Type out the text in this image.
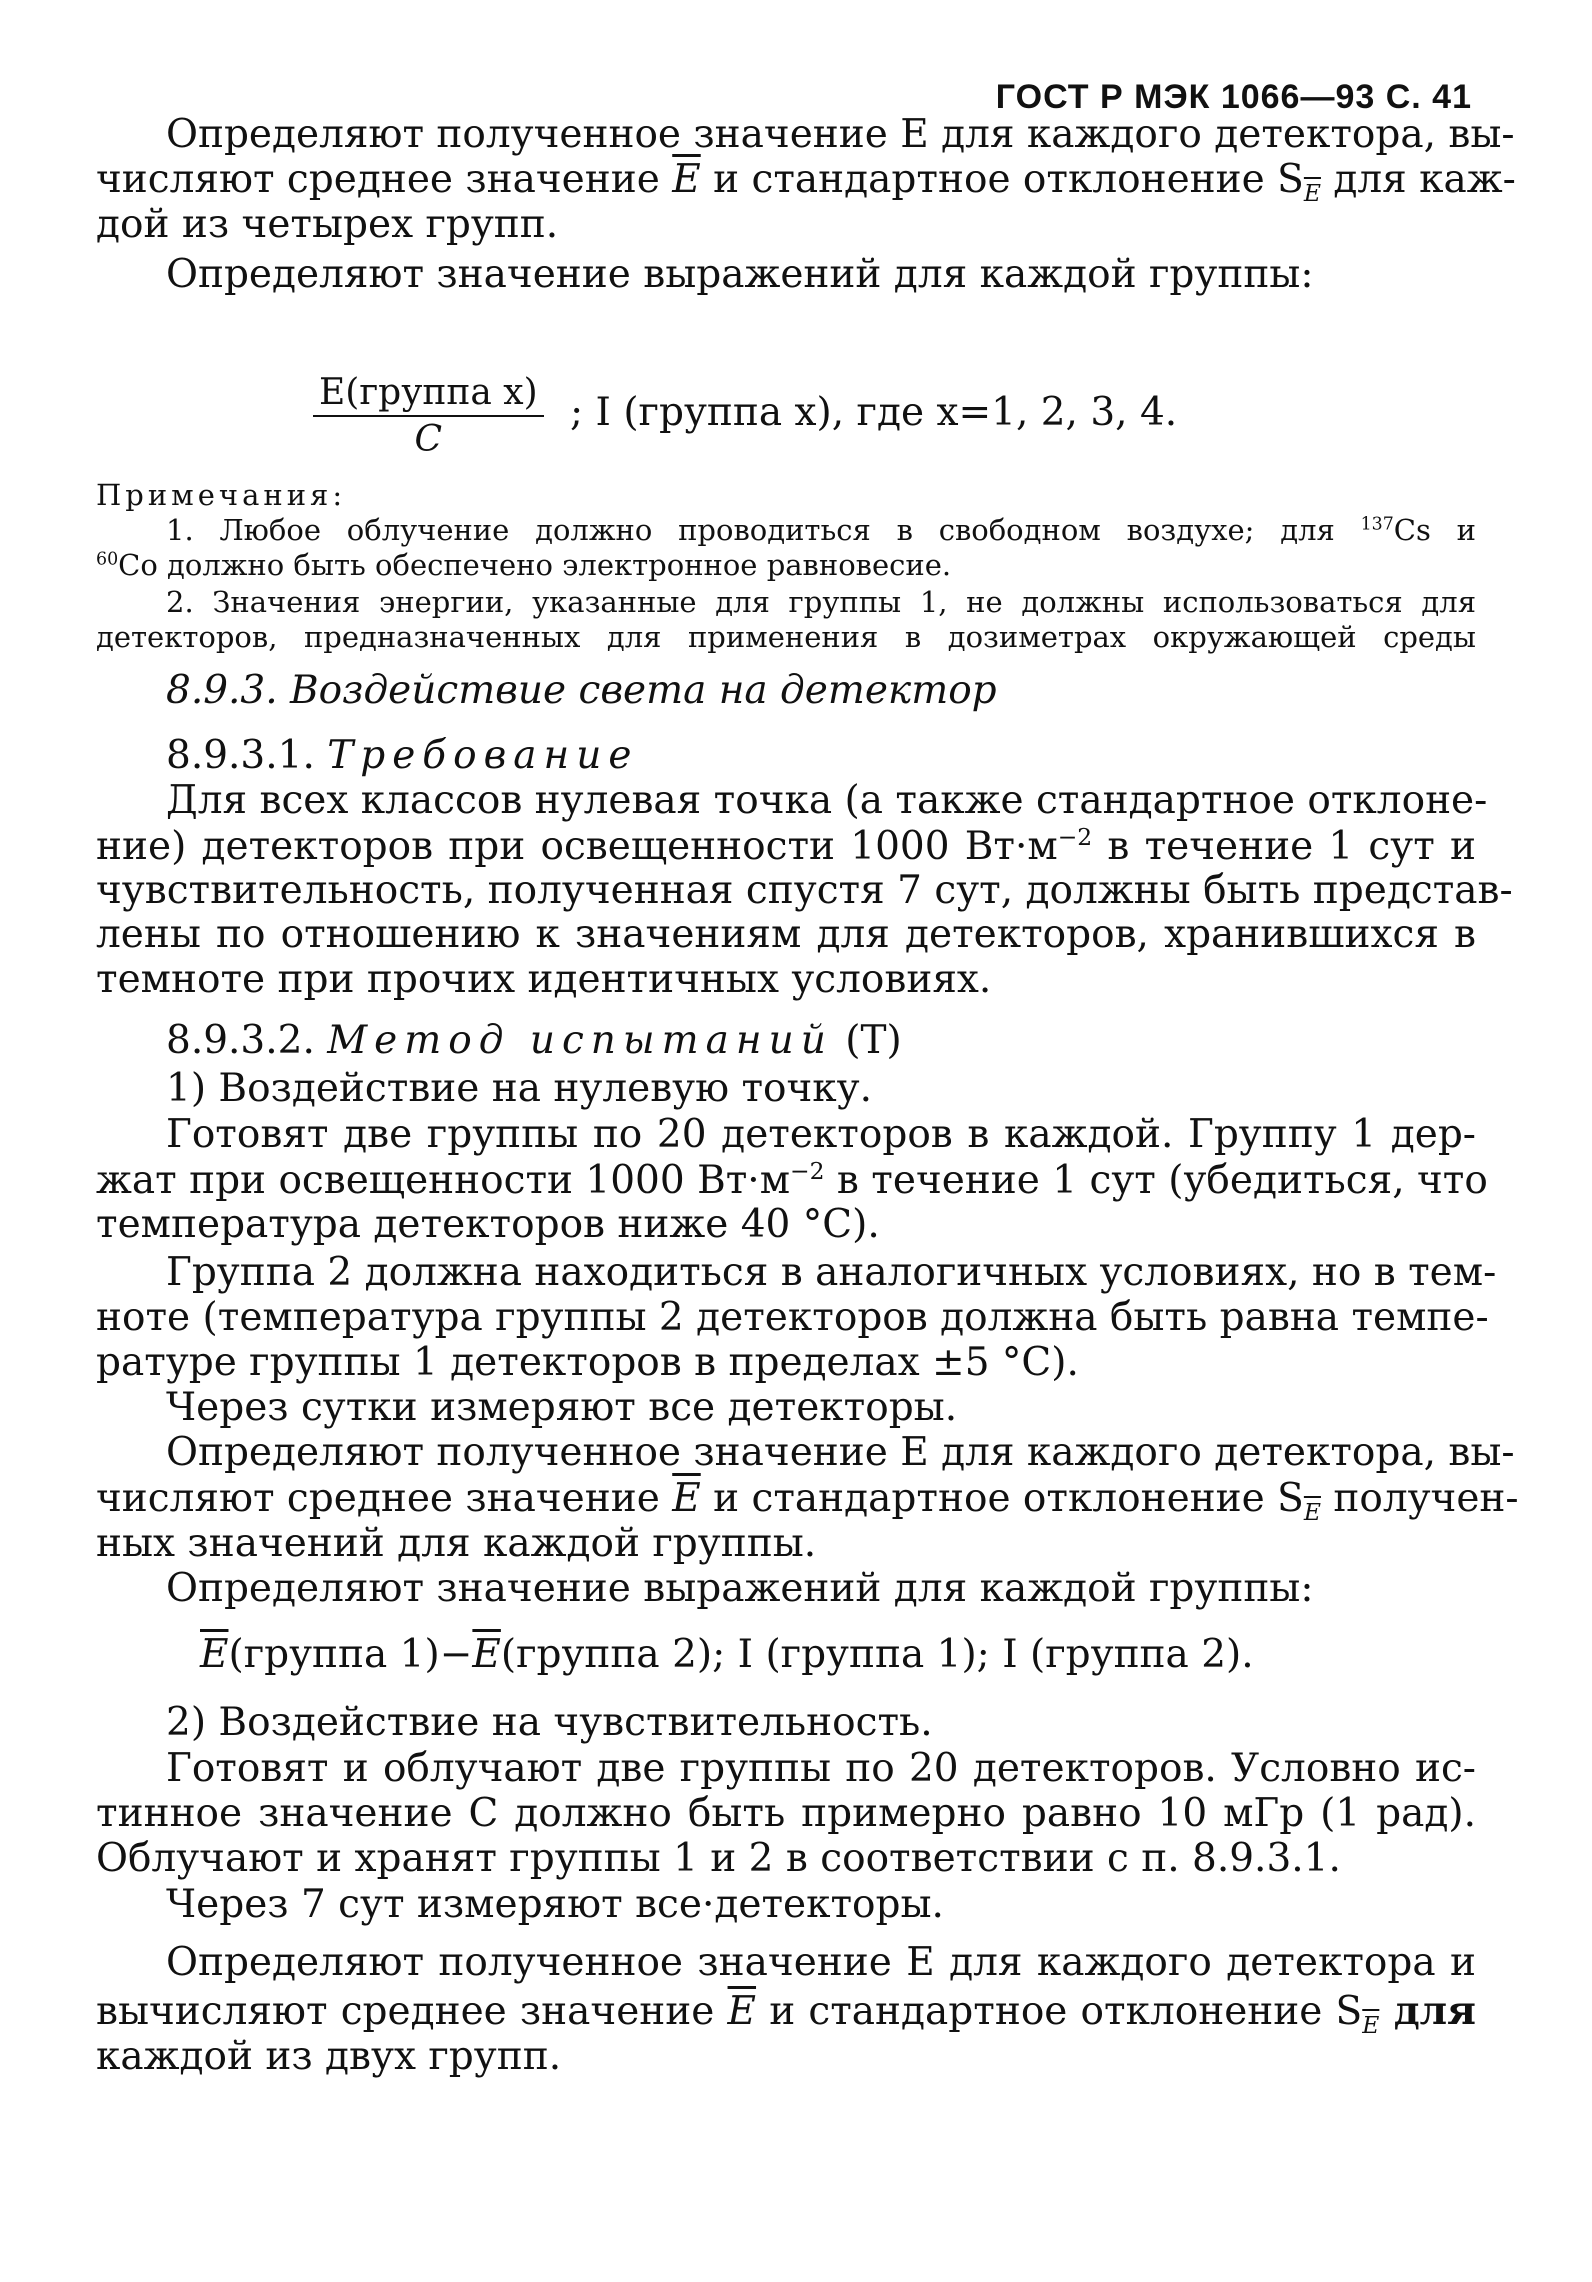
ГОСТ Р МЭК 1066—93 С. 41
Определяют полученное значение E для каждого детектора, вы-
числяют среднее значение $\overline{E}$ и стандартное отклонение $S_{\overline{E}}$ для каж-
дой из четырех групп.
Определяют значение выражений для каждой группы:
E(группа x)
C
; I (группа x), где x=1, 2, 3, 4.
Примечания:
1. Любое облучение должно проводиться в свободном воздухе; для $^{137}$Cs и
$^{60}$Co должно быть обеспечено электронное равновесие.
2. Значения энергии, указанные для группы 1, не должны использоваться для
детекторов, предназначенных для применения в дозиметрах окружающей среды
8.9.3. Воздействие света на детектор
8.9.3.1. Требование
Для всех классов нулевая точка (а также стандартное отклоне-
ние) детекторов при освещенности 1000 $Вт\cdot м^{-2}$ в течение 1 сут и
чувствительность, полученная спустя 7 сут, должны быть представ-
лены по отношению к значениям для детекторов, хранившихся в
темноте при прочих идентичных условиях.
8.9.3.2. Метод испытаний (Т)
1) Воздействие на нулевую точку.
Готовят две группы по 20 детекторов в каждой. Группу 1 дер-
жат при освещенности 1000 $Вт\cdot м^{-2}$ в течение 1 сут (убедиться, что
температура детекторов ниже 40 °С).
Группа 2 должна находиться в аналогичных условиях, но в тем-
ноте (температура группы 2 детекторов должна быть равна темпе-
ратуре группы 1 детекторов в пределах ±5 °С).
Через сутки измеряют все детекторы.
Определяют полученное значение E для каждого детектора, вы-
числяют среднее значение $\overline{E}$ и стандартное отклонение $S_{\overline{E}}$ получен-
ных значений для каждой группы.
Определяют значение выражений для каждой группы:
$\overline{E}(группа$ $1)-\overline{E}(группа$ 2); I (группа 1); I (группа 2).
2) Воздействие на чувствительность.
Готовят и облучают две группы по 20 детекторов. Условно ис-
тинное значение C должно быть примерно равно 10 мГр (1 рад).
Облучают и хранят группы 1 и 2 в соответствии с п. 8.9.3.1.
Через 7 сут измеряют все·детекторы.
Определяют полученное значение E для каждого детектора и
вычисляют среднее значение $\overline{E}$ и стандартное отклонение $S_{\overline{E}}$ для
каждой из двух групп.
